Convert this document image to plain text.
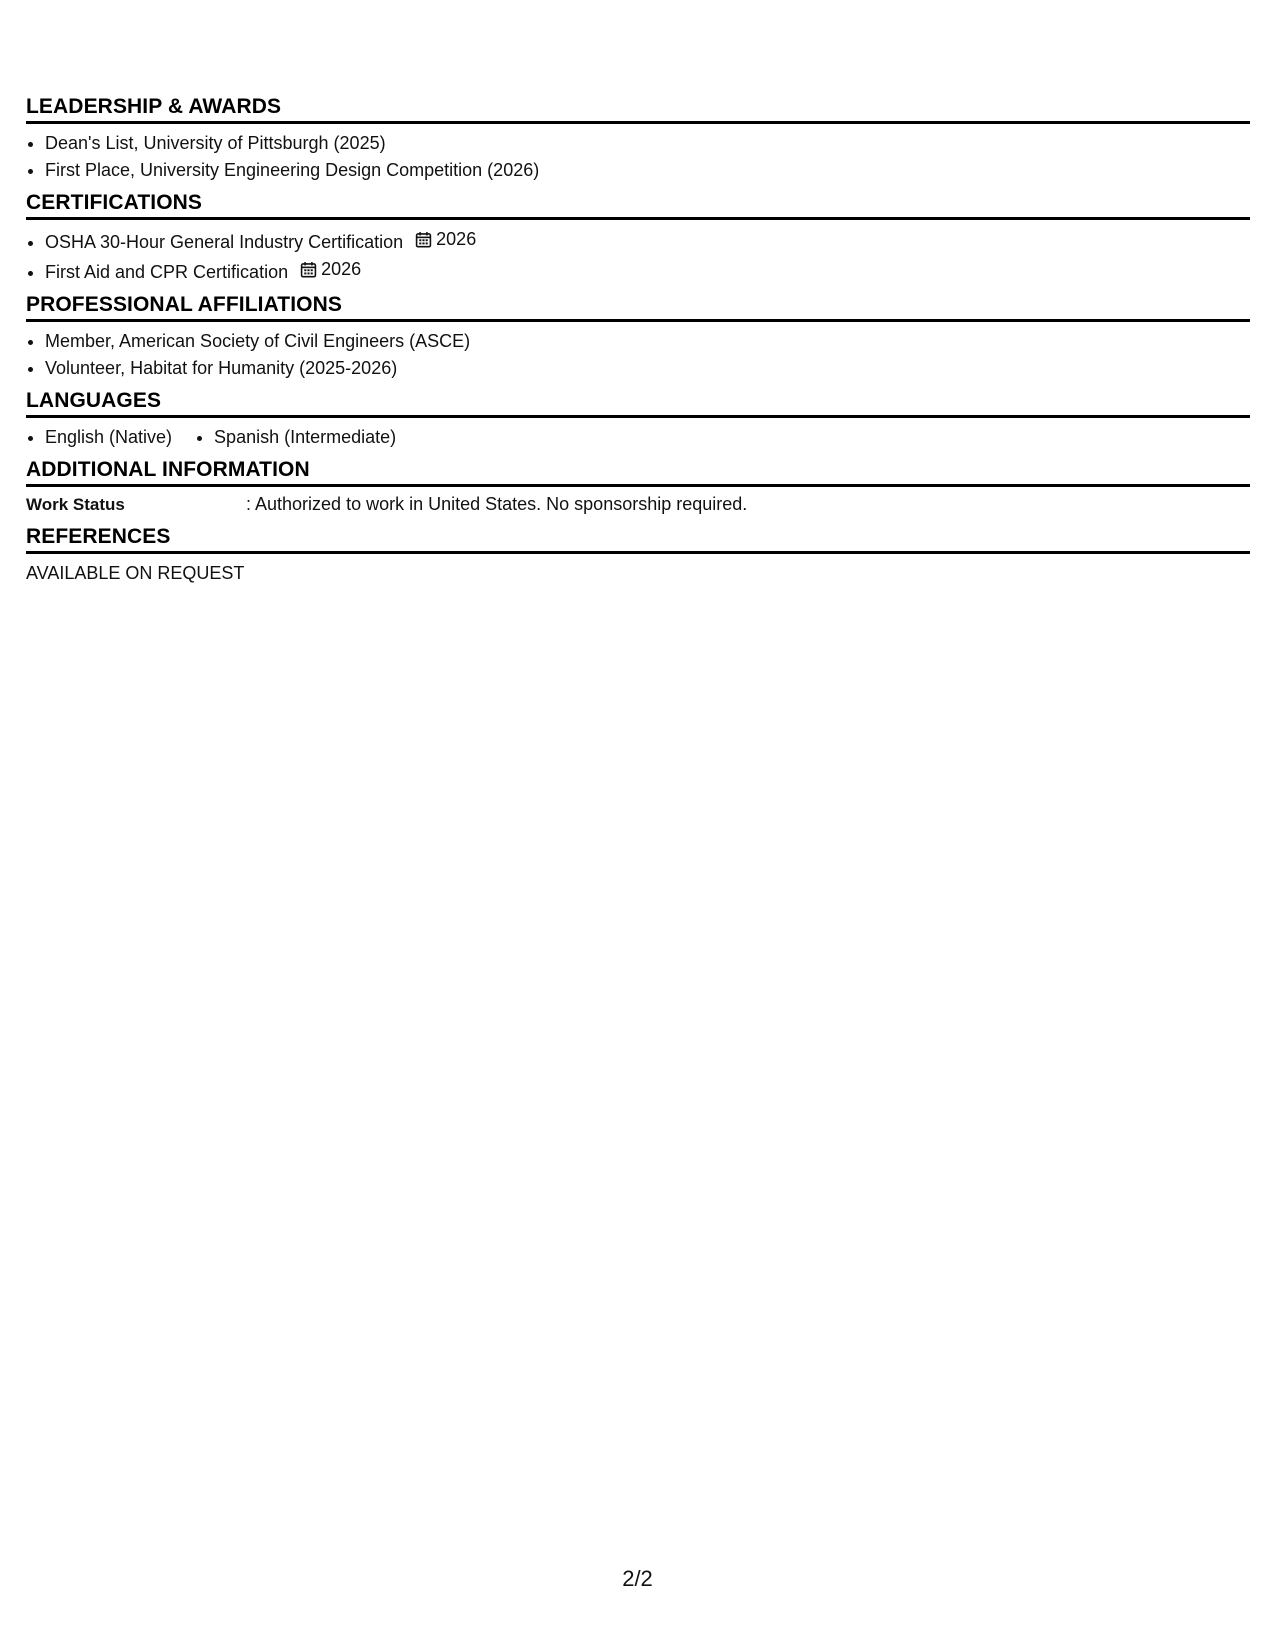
LEADERSHIP & AWARDS
• Dean's List, University of Pittsburgh (2025)
• First Place, University Engineering Design Competition (2026)
CERTIFICATIONS
• OSHA 30-Hour General Industry Certification 2026
• First Aid and CPR Certification 2026
PROFESSIONAL AFFILIATIONS
• Member, American Society of Civil Engineers (ASCE)
• Volunteer, Habitat for Humanity (2025-2026)
LANGUAGES
• English (Native)
• Spanish (Intermediate)
ADDITIONAL INFORMATION
Work Status	: Authorized to work in United States. No sponsorship required.
REFERENCES
AVAILABLE ON REQUEST
2/2
